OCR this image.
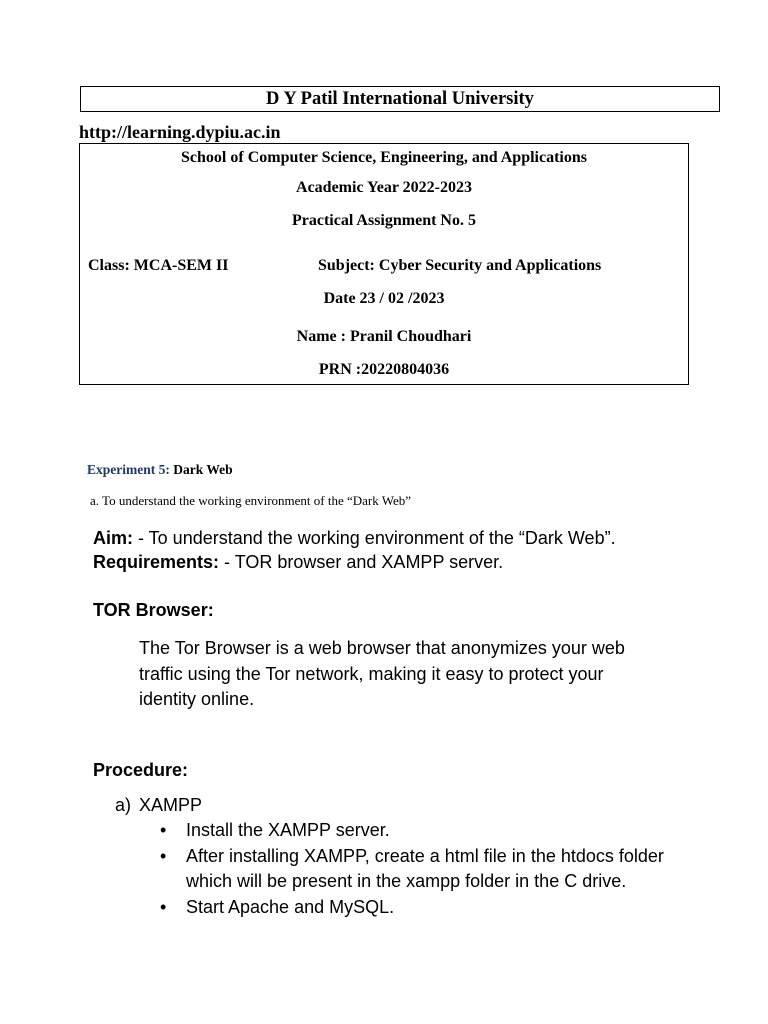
D Y Patil International University
http://learning.dypiu.ac.in
School of Computer Science, Engineering, and Applications
Academic Year 2022-2023
Practical Assignment No. 5
Class: MCA-SEM II	Subject: Cyber Security and Applications
Date 23 / 02 /2023
Name : Pranil Choudhari
PRN :20220804036
Experiment 5: Dark Web
a. To understand the working environment of the “Dark Web”
Aim: - To understand the working environment of the “Dark Web”.
Requirements: - TOR browser and XAMPP server.
TOR Browser:
The Tor Browser is a web browser that anonymizes your web traffic using the Tor network, making it easy to protect your identity online.
Procedure:
a) XAMPP
• Install the XAMPP server.
• After installing XAMPP, create a html file in the htdocs folder which will be present in the xampp folder in the C drive.
• Start Apache and MySQL.
